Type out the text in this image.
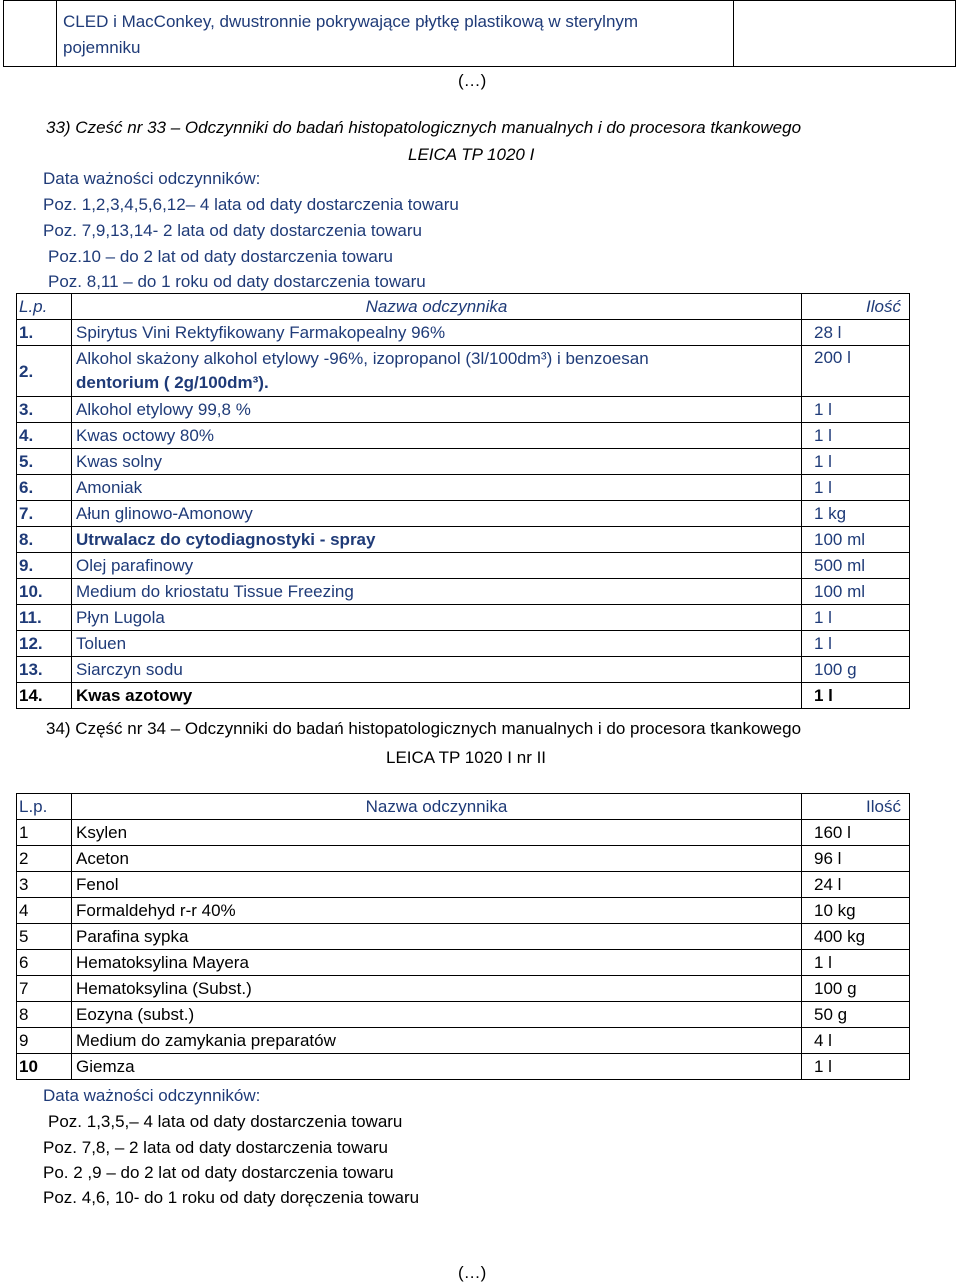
	CLED i MacConkey, dwustronnie pokrywające płytkę plastikową w sterylnym
pojemniku	
(…)
33) Cześć nr 33 – Odczynniki do badań histopatologicznych manualnych i do procesora tkankowego
LEICA TP 1020 I
Data ważności odczynników:
Poz. 1,2,3,4,5,6,12– 4 lata od daty dostarczenia towaru
Poz. 7,9,13,14- 2 lata od daty dostarczenia towaru
Poz.10 – do 2 lat od daty dostarczenia towaru
Poz. 8,11 – do 1 roku od daty dostarczenia towaru
L.p.	Nazwa odczynnika	Ilość
1.	Spirytus Vini Rektyfikowany Farmakopealny 96%	28 l
2.	Alkohol skażony alkohol etylowy -96%, izopropanol (3l/100dm³) i benzoesan
dentorium ( 2g/100dm³).	200 l
3.	Alkohol etylowy 99,8 %	1 l
4.	Kwas octowy 80%	1 l
5.	Kwas solny	1 l
6.	Amoniak	1 l
7.	Ałun glinowo-Amonowy	1 kg
8.	Utrwalacz do cytodiagnostyki - spray	100 ml
9.	Olej parafinowy	500 ml
10.	Medium do kriostatu Tissue Freezing	100 ml
11.	Płyn Lugola	1 l
12.	Toluen	1 l
13.	Siarczyn sodu	100 g
14.	Kwas azotowy	1 l
34) Część nr 34 – Odczynniki do badań histopatologicznych manualnych i do procesora tkankowego
LEICA TP 1020 I nr II
L.p.	Nazwa odczynnika	Ilość
1	Ksylen	160 l
2	Aceton	96 l
3	Fenol	24 l
4	Formaldehyd r-r 40%	10 kg
5	Parafina sypka	400 kg
6	Hematoksylina Mayera	1 l
7	Hematoksylina (Subst.)	100 g
8	Eozyna (subst.)	50 g
9	Medium do zamykania preparatów	4 l
10	Giemza	1 l
Data ważności odczynników:
Poz. 1,3,5,– 4 lata od daty dostarczenia towaru
Poz. 7,8, – 2 lata od daty dostarczenia towaru
Po. 2 ,9 – do 2 lat od daty dostarczenia towaru
Poz. 4,6, 10- do 1 roku od daty doręczenia towaru
(…)
